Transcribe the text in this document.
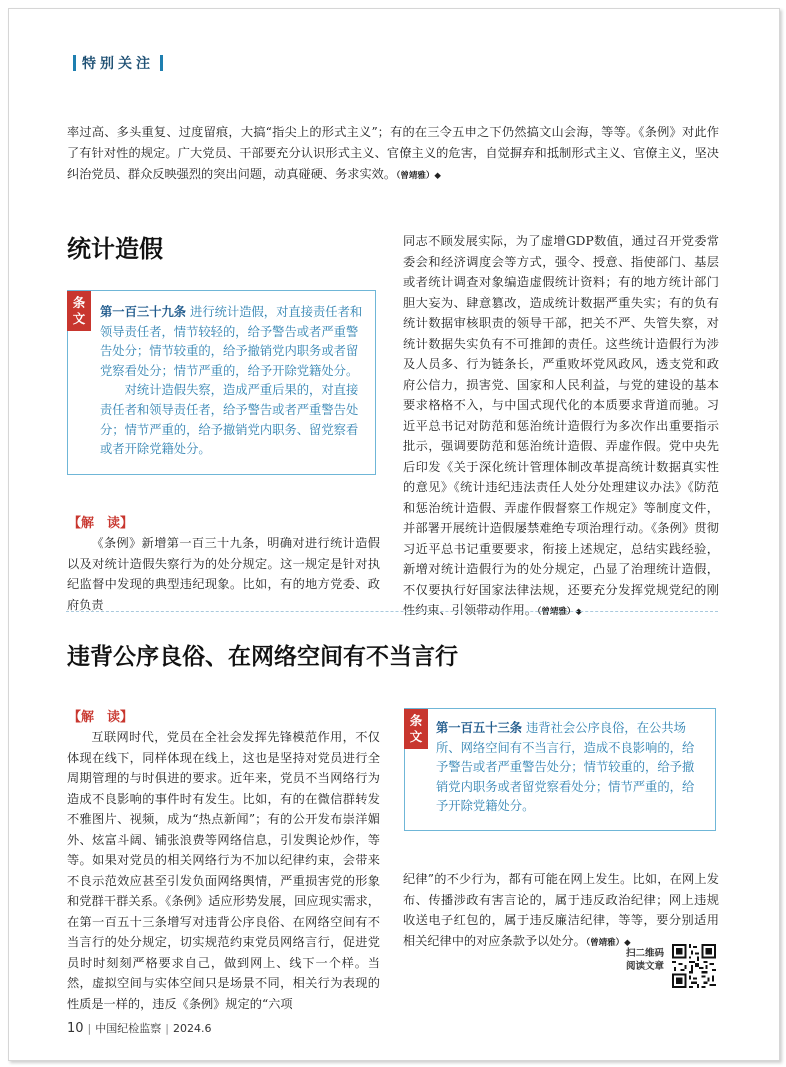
特别关注

率过高、多头重复、过度留痕，大搞“指尖上的形式主义”；有的在三令五申之下仍然搞文山会海，等等。《条例》对此作了有针对性的规定。广大党员、干部要充分认识形式主义、官僚主义的危害，自觉摒弃和抵制形式主义、官僚主义，坚决纠治党员、群众反映强烈的突出问题，动真碰硬、务求实效。（曾靖雅）◆

统计造假
条
文 第一百三十九条 进行统计造假，对直接责任者和领导责任者，情节较轻的，给予警告或者严重警告处分；情节较重的，给予撤销党内职务或者留党察看处分；情节严重的，给予开除党籍处分。

对统计造假失察，造成严重后果的，对直接责任者和领导责任者，给予警告或者严重警告处分；情节严重的，给予撤销党内职务、留党察看或者开除党籍处分。

【解　读】

《条例》新增第一百三十九条，明确对进行统计造假以及对统计造假失察行为的处分规定。这一规定是针对执纪监督中发现的典型违纪现象。比如，有的地方党委、政府负责

同志不顾发展实际，为了虚增GDP数值，通过召开党委常委会和经济调度会等方式，强令、授意、指使部门、基层或者统计调查对象编造虚假统计资料；有的地方统计部门胆大妄为、肆意篡改，造成统计数据严重失实；有的负有统计数据审核职责的领导干部，把关不严、失管失察，对统计数据失实负有不可推卸的责任。这些统计造假行为涉及人员多、行为链条长，严重败坏党风政风，透支党和政府公信力，损害党、国家和人民利益，与党的建设的基本要求格格不入，与中国式现代化的本质要求背道而驰。习近平总书记对防范和惩治统计造假行为多次作出重要指示批示，强调要防范和惩治统计造假、弄虚作假。党中央先后印发《关于深化统计管理体制改革提高统计数据真实性的意见》《统计违纪违法责任人处分处理建议办法》《防范和惩治统计造假、弄虚作假督察工作规定》等制度文件，并部署开展统计造假屡禁难绝专项治理行动。《条例》贯彻习近平总书记重要要求，衔接上述规定，总结实践经验，新增对统计造假行为的处分规定，凸显了治理统计造假，不仅要执行好国家法律法规，还要充分发挥党规党纪的刚性约束、引领带动作用。（曾靖雅）◆

违背公序良俗、在网络空间有不当言行
【解　读】

互联网时代，党员在全社会发挥先锋模范作用，不仅体现在线下，同样体现在线上，这也是坚持对党员进行全周期管理的与时俱进的要求。近年来，党员不当网络行为造成不良影响的事件时有发生。比如，有的在微信群转发不雅图片、视频，成为“热点新闻”；有的公开发布崇洋媚外、炫富斗阔、铺张浪费等网络信息，引发舆论炒作，等等。如果对党员的相关网络行为不加以纪律约束，会带来不良示范效应甚至引发负面网络舆情，严重损害党的形象和党群干群关系。《条例》适应形势发展，回应现实需求，在第一百五十三条增写对违背公序良俗、在网络空间有不当言行的处分规定，切实规范约束党员网络言行，促进党员时时刻刻严格要求自己，做到网上、线下一个样。当然，虚拟空间与实体空间只是场景不同，相关行为表现的性质是一样的，违反《条例》规定的“六项

条
文

第一百五十三条 违背社会公序良俗，在公共场所、网络空间有不当言行，造成不良影响的，给予警告或者严重警告处分；情节较重的，给予撤销党内职务或者留党察看处分；情节严重的，给予开除党籍处分。

纪律”的不少行为，都有可能在网上发生。比如，在网上发布、传播涉政有害言论的，属于违反政治纪律；网上违规收送电子红包的，属于违反廉洁纪律，等等，要分别适用相关纪律中的对应条款予以处分。（曾靖雅）◆

扫二维码阅读文章
10 | 中国纪检监察 | 2024.6
